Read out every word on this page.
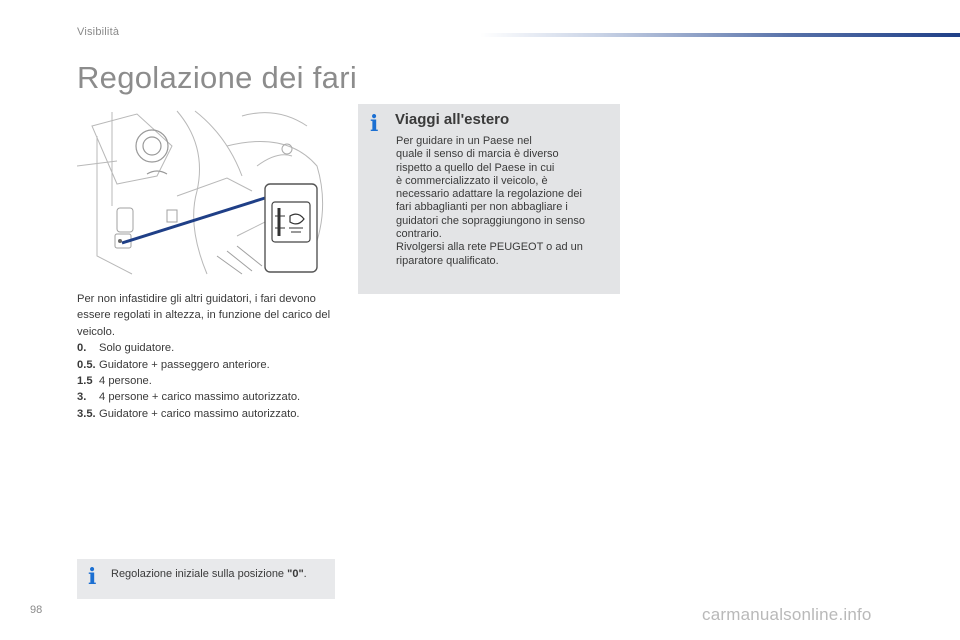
Visibilità
Regolazione dei fari

Per non infastidire gli altri guidatori, i fari devono essere regolati in altezza, in funzione del carico del veicolo.

0.	Solo guidatore.
0.5. Guidatore + passeggero anteriore.
1.5 4 persone.
3.	4 persone + carico massimo autorizzato.
3.5. Guidatore + carico massimo autorizzato.
i Viaggi all'estero
Per guidare in un Paese nel
quale il senso di marcia è diverso
rispetto a quello del Paese in cui
è commercializzato il veicolo, è
necessario adattare la regolazione dei
fari abbaglianti per non abbagliare i
guidatori che sopraggiungono in senso
contrario.
Rivolgersi alla rete PEUGEOT o ad un
riparatore qualificato.
i Regolazione iniziale sulla posizione "0".
98	carmanualsonline.info
